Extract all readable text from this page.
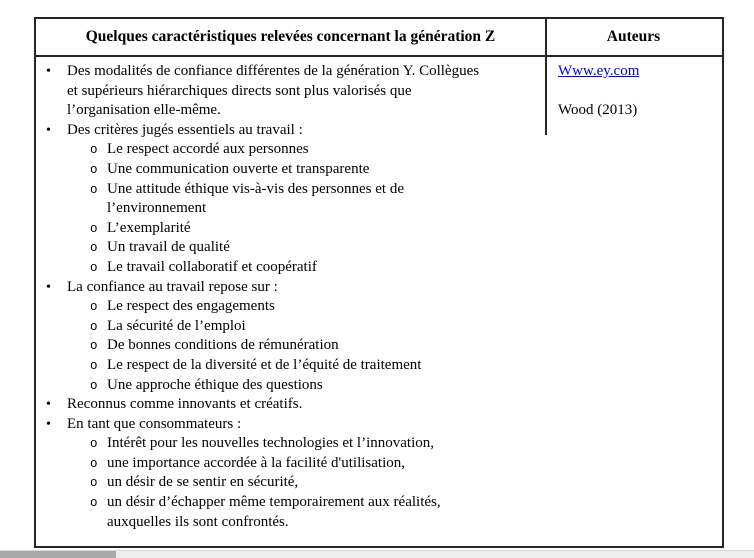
Quelques caractéristiques relevées concernant la génération Z	Auteurs
• Des modalités de confiance différentes de la génération Y. Collègues
et supérieurs hiérarchiques directs sont plus valorisés que
l’organisation elle-même.
• Des critères jugés essentiels au travail :
o Le respect accordé aux personnes
o Une communication ouverte et transparente
o Une attitude éthique vis-à-vis des personnes et de
l’environnement
o L’exemplarité
o Un travail de qualité
o Le travail collaboratif et coopératif
• La confiance au travail repose sur :
o Le respect des engagements
o La sécurité de l’emploi
o De bonnes conditions de rémunération
o Le respect de la diversité et de l’équité de traitement
o Une approche éthique des questions
• Reconnus comme innovants et créatifs.
• En tant que consommateurs :
o Intérêt pour les nouvelles technologies et l’innovation,
o une importance accordée à la facilité d'utilisation,
o un désir de se sentir en sécurité,
o un désir d’échapper même temporairement aux réalités,
auxquelles ils sont confrontés.
Www.ey.com
Wood (2013)
